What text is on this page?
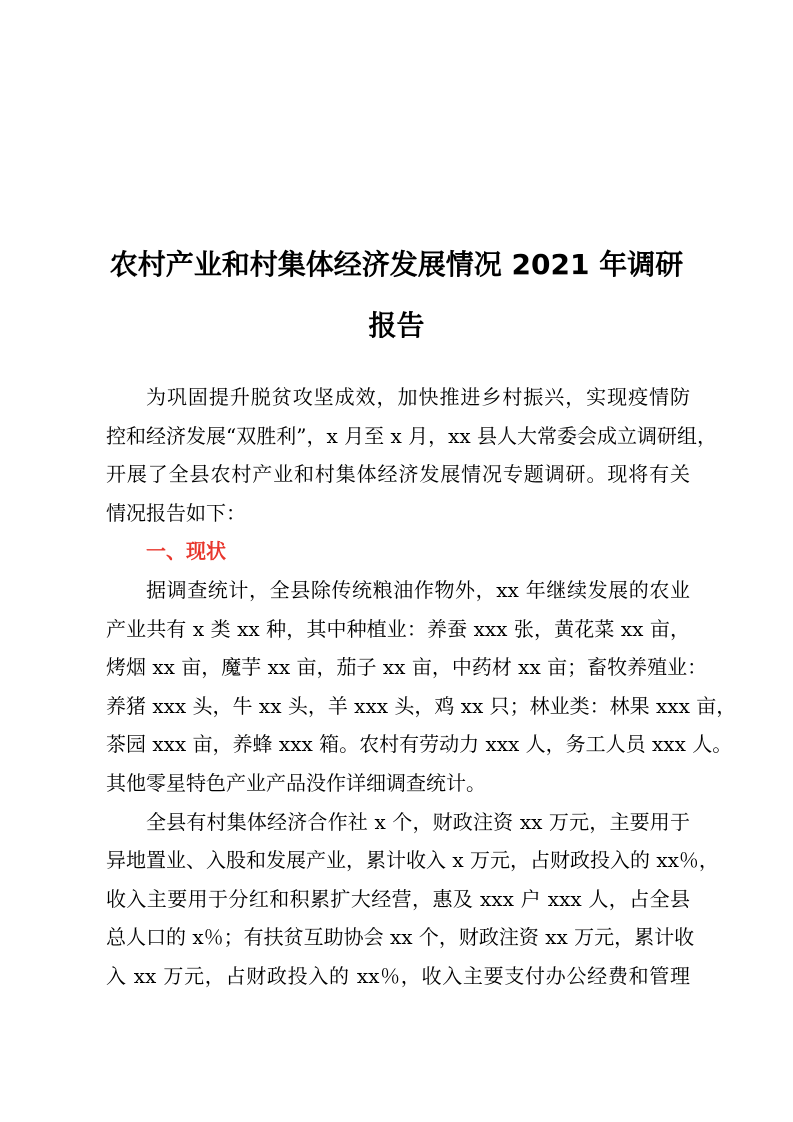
农村产业和村集体经济发展情况 2021 年调研
报告
为巩固提升脱贫攻坚成效，加快推进乡村振兴，实现疫情防
控和经济发展“双胜利”，x 月至 x 月，xx 县人大常委会成立调研组，
开展了全县农村产业和村集体经济发展情况专题调研。现将有关
情况报告如下：
一、现状
据调查统计，全县除传统粮油作物外，xx 年继续发展的农业
产业共有 x 类 xx 种，其中种植业：养蚕 xxx 张，黄花菜 xx 亩，
烤烟 xx 亩，魔芋 xx 亩，茄子 xx 亩，中药材 xx 亩；畜牧养殖业：
养猪 xxx 头，牛 xx 头，羊 xxx 头，鸡 xx 只；林业类：林果 xxx 亩，
茶园 xxx 亩，养蜂 xxx 箱。农村有劳动力 xxx 人，务工人员 xxx 人。
其他零星特色产业产品没作详细调查统计。
全县有村集体经济合作社 x 个，财政注资 xx 万元，主要用于
异地置业、入股和发展产业，累计收入 x 万元，占财政投入的 xx％，
收入主要用于分红和积累扩大经营，惠及 xxx 户 xxx 人，占全县
总人口的 x％；有扶贫互助协会 xx 个，财政注资 xx 万元，累计收
入 xx 万元，占财政投入的 xx％，收入主要支付办公经费和管理
